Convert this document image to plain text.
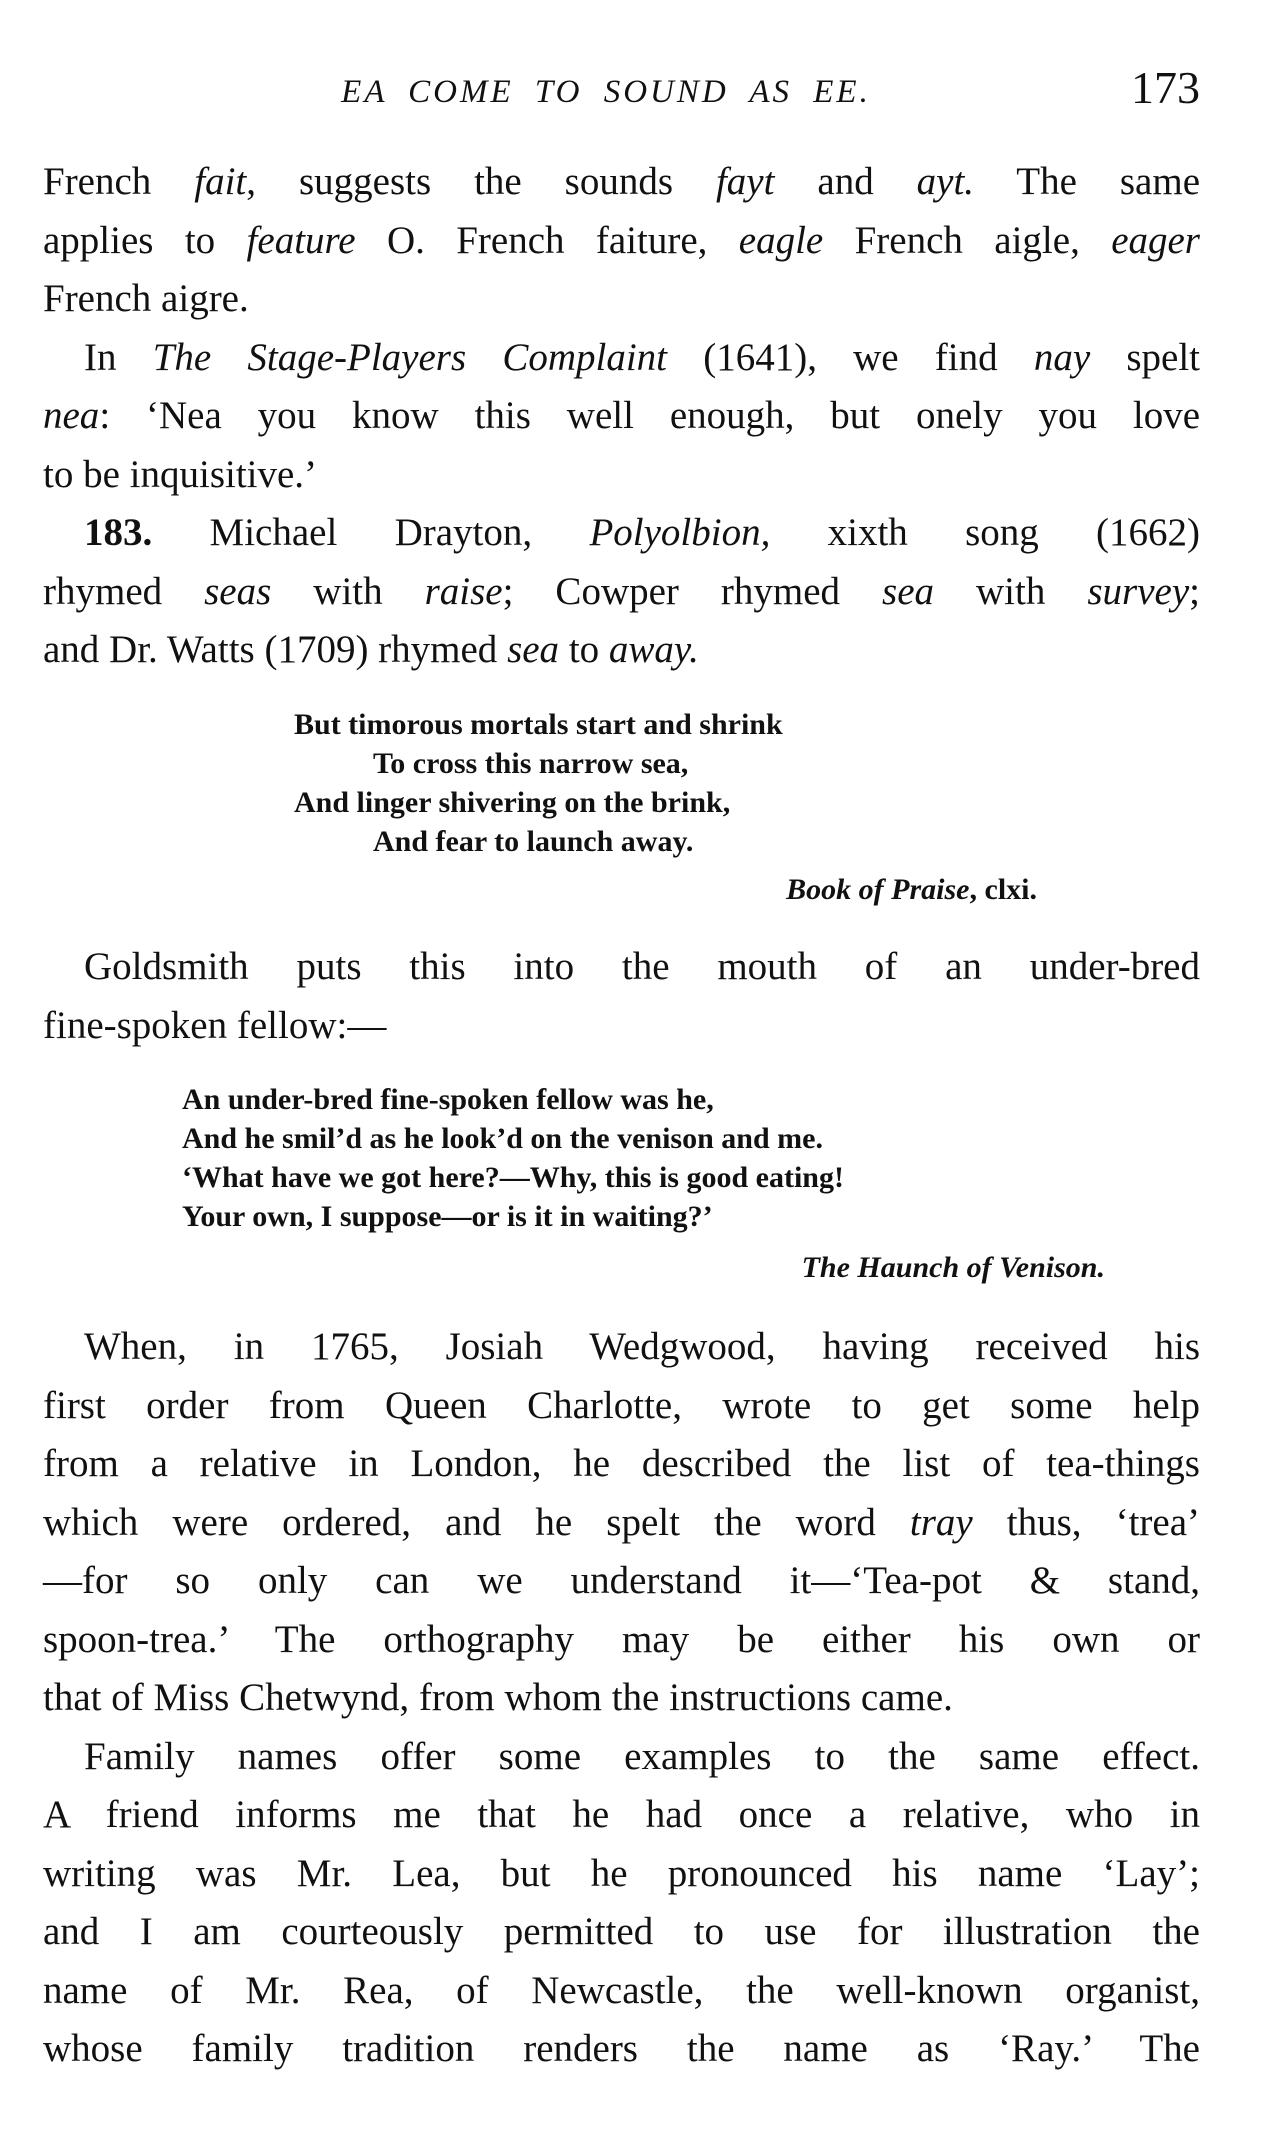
EA COME TO SOUND AS EE.	173
French fait, suggests the sounds fayt and ayt. The same
applies to feature O. French faiture, eagle French aigle, eager
French aigre.
In The Stage-Players Complaint (1641), we find nay spelt
nea: ‘Nea you know this well enough, but onely you love
to be inquisitive.’
183. Michael Drayton, Polyolbion, xixth song (1662)
rhymed seas with raise; Cowper rhymed sea with survey;
and Dr. Watts (1709) rhymed sea to away.
But timorous mortals start and shrink
To cross this narrow sea,
And linger shivering on the brink,
And fear to launch away.
Book of Praise, clxi.
Goldsmith puts this into the mouth of an under-bred
fine-spoken fellow:—
An under-bred fine-spoken fellow was he,
And he smil’d as he look’d on the venison and me.
‘What have we got here?—Why, this is good eating!
Your own, I suppose—or is it in waiting?’
The Haunch of Venison.
When, in 1765, Josiah Wedgwood, having received his
first order from Queen Charlotte, wrote to get some help
from a relative in London, he described the list of tea-things
which were ordered, and he spelt the word tray thus, ‘trea’
—for so only can we understand it—‘Tea-pot & stand,
spoon-trea.’ The orthography may be either his own or
that of Miss Chetwynd, from whom the instructions came.
Family names offer some examples to the same effect.
A friend informs me that he had once a relative, who in
writing was Mr. Lea, but he pronounced his name ‘Lay’;
and I am courteously permitted to use for illustration the
name of Mr. Rea, of Newcastle, the well-known organist,
whose family tradition renders the name as ‘Ray.’ The
